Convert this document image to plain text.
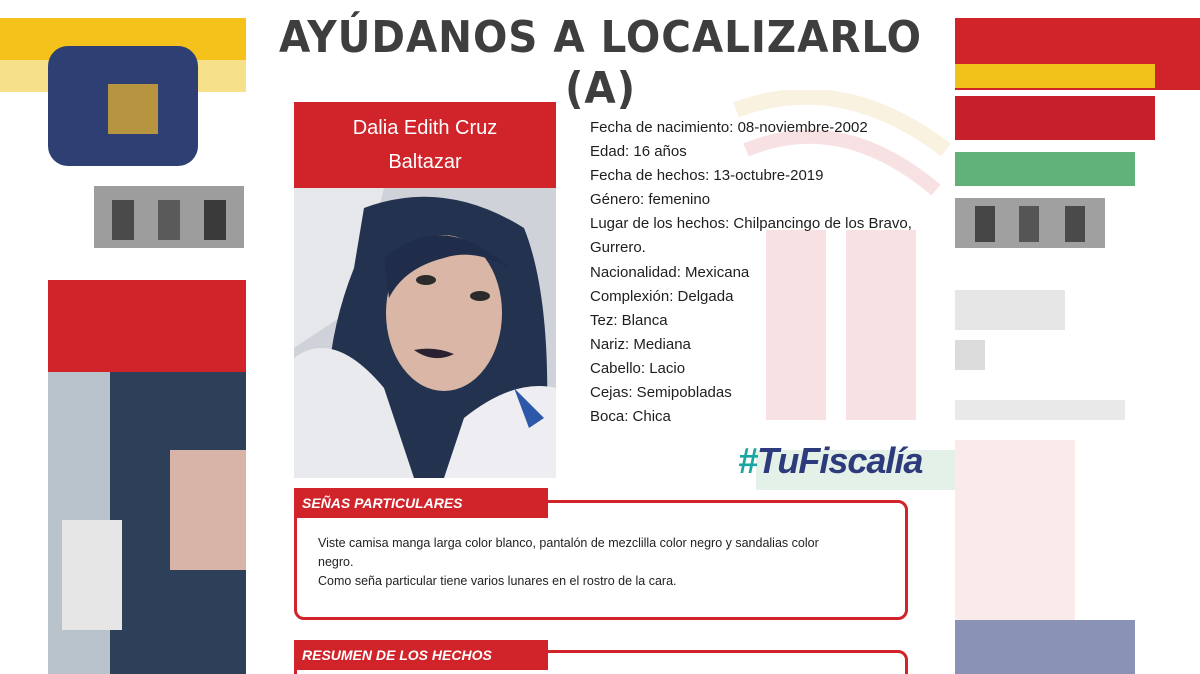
AYÚDANOS A LOCALIZARLO (A)
Dalia Edith Cruz
Baltazar
Fecha de nacimiento: 08-noviembre-2002
Edad: 16 años
Fecha de hechos: 13-octubre-2019
Género: femenino
Lugar de los hechos: Chilpancingo de los Bravo,
Gurrero.
Nacionalidad: Mexicana
Complexión: Delgada
Tez: Blanca
Nariz: Mediana
Cabello: Lacio
Cejas: Semipobladas
Boca: Chica
#TuFiscalía
SEÑAS PARTICULARES
Viste camisa manga larga color blanco, pantalón de mezclilla color negro y sandalias color
negro.
Como seña particular tiene varios lunares en el rostro de la cara.
RESUMEN DE LOS HECHOS
